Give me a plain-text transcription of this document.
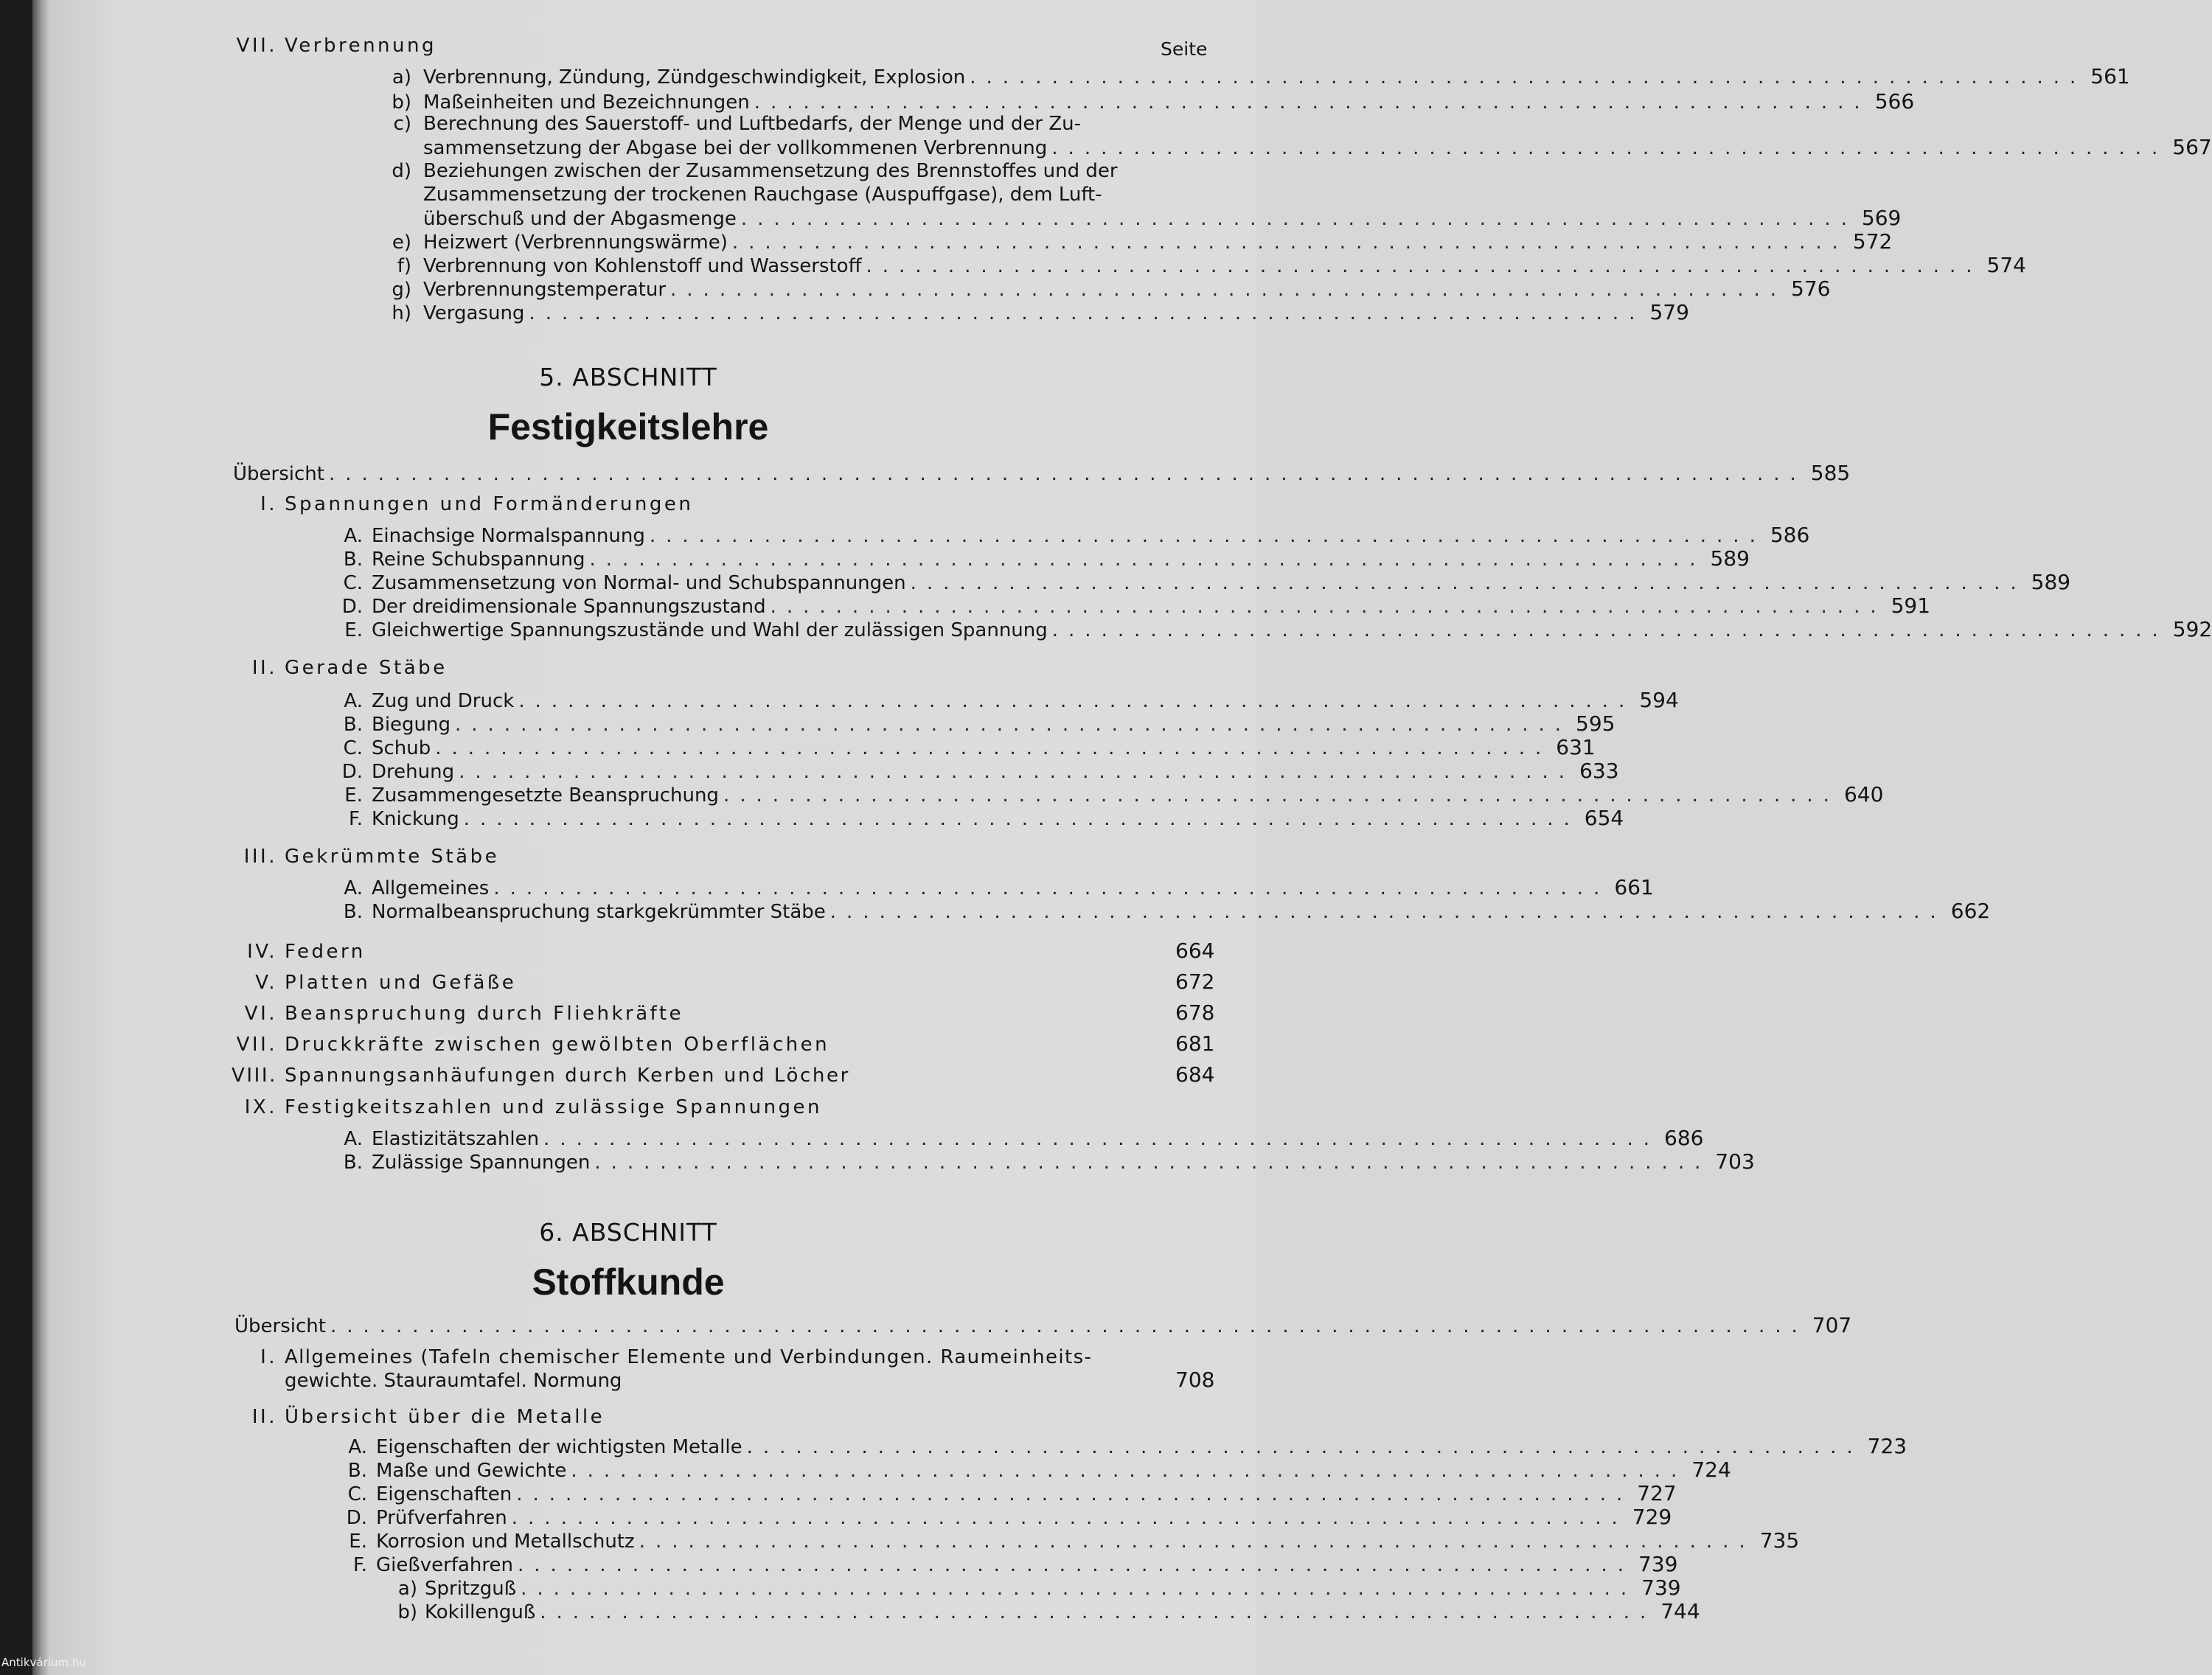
Seite
VII. Verbrennung
a) Verbrennung, Zündung, Zündgeschwindigkeit, Explosion .................................................................... 561
b) Maßeinheiten und Bezeichnungen .................................................................... 566
c) Berechnung des Sauerstoff- und Luftbedarfs, der Menge und der Zu-
sammensetzung der Abgase bei der vollkommenen Verbrennung .................................................................... 567
d) Beziehungen zwischen der Zusammensetzung des Brennstoffes und der
Zusammensetzung der trockenen Rauchgase (Auspuffgase), dem Luft-
überschuß und der Abgasmenge .................................................................... 569
e) Heizwert (Verbrennungswärme) .................................................................... 572
f) Verbrennung von Kohlenstoff und Wasserstoff .................................................................... 574
g) Verbrennungstemperatur .................................................................... 576
h) Vergasung .................................................................... 579
5. ABSCHNITT
Festigkeitslehre
Übersicht .......................................................................................... 585
I. Spannungen und Formänderungen
A. Einachsige Normalspannung .................................................................... 586
B. Reine Schubspannung .................................................................... 589
C. Zusammensetzung von Normal- und Schubspannungen .................................................................... 589
D. Der dreidimensionale Spannungszustand .................................................................... 591
E. Gleichwertige Spannungszustände und Wahl der zulässigen Spannung .................................................................... 592
II. Gerade Stäbe
A. Zug und Druck .................................................................... 594
B. Biegung .................................................................... 595
C. Schub .................................................................... 631
D. Drehung .................................................................... 633
E. Zusammengesetzte Beanspruchung .................................................................... 640
F. Knickung .................................................................... 654
III. Gekrümmte Stäbe
A. Allgemeines .................................................................... 661
B. Normalbeanspruchung starkgekrümmter Stäbe .................................................................... 662
IV. Federn	664
V. Platten und Gefäße	672
VI. Beanspruchung durch Fliehkräfte	678
VII. Druckkräfte zwischen gewölbten Oberflächen	681
VIII. Spannungsanhäufungen durch Kerben und Löcher	684
IX. Festigkeitszahlen und zulässige Spannungen
A. Elastizitätszahlen .................................................................... 686
B. Zulässige Spannungen .................................................................... 703
6. ABSCHNITT
Stoffkunde
Übersicht .......................................................................................... 707
I. Allgemeines (Tafeln chemischer Elemente und Verbindungen. Raumeinheits-
gewichte. Stauraumtafel. Normung	708
II. Übersicht über die Metalle
A. Eigenschaften der wichtigsten Metalle .................................................................... 723
B. Maße und Gewichte .................................................................... 724
C. Eigenschaften .................................................................... 727
D. Prüfverfahren .................................................................... 729
E. Korrosion und Metallschutz .................................................................... 735
F. Gießverfahren .................................................................... 739
a) Spritzguß .................................................................... 739
b) Kokillenguß .................................................................... 744
Antikvárium.hu
